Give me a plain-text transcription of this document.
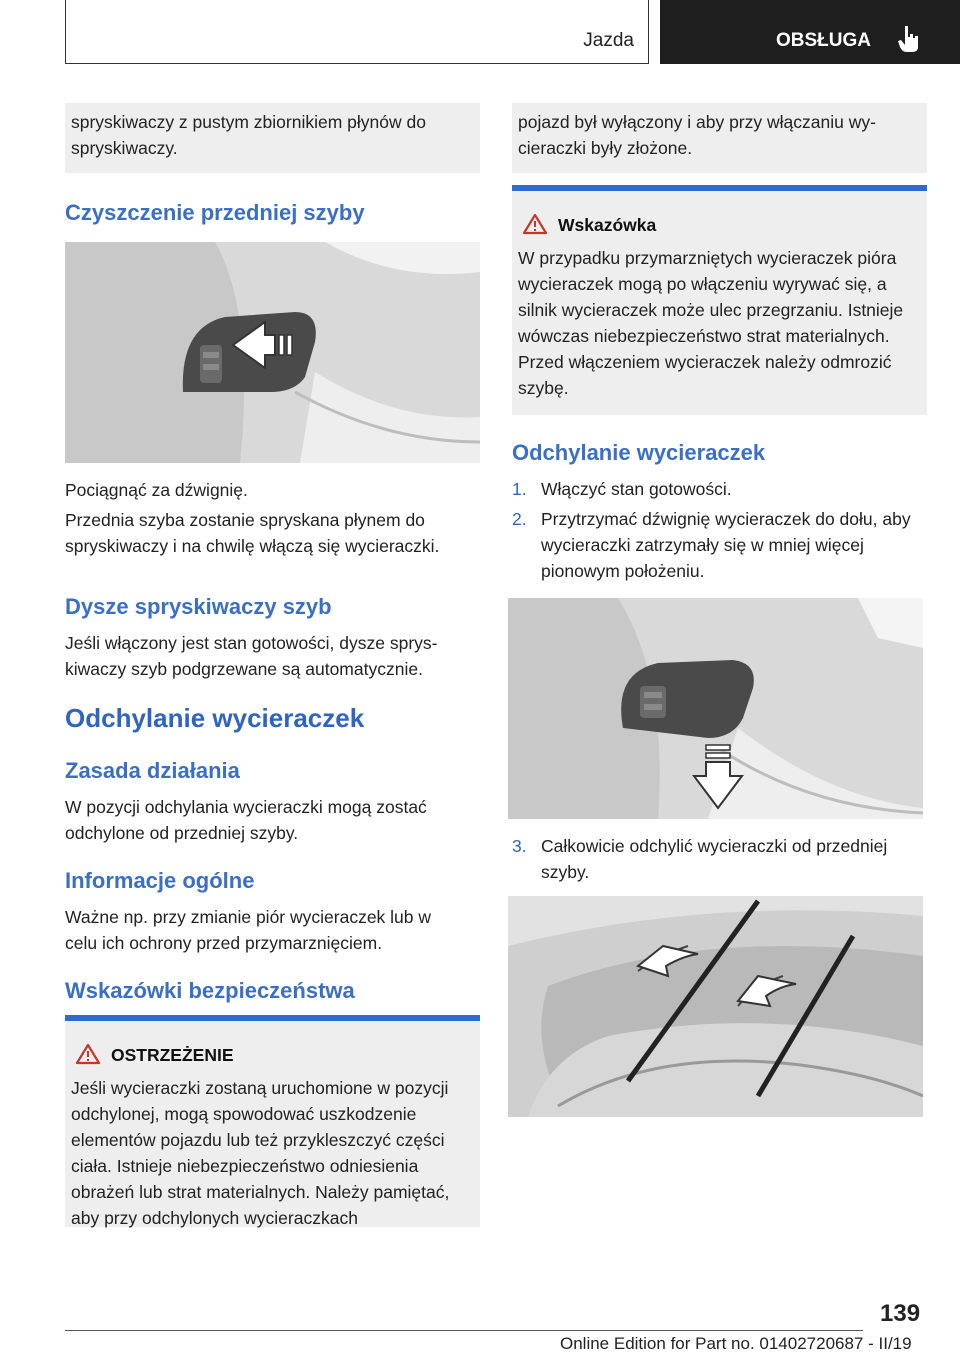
Jazda	OBSŁUGA

spryskiwaczy z pustym zbiornikiem płynów do spryskiwaczy.

Czyszczenie przedniej szyby

Pociągnąć za dźwignię.

Przednia szyba zostanie spryskana płynem do spryskiwaczy i na chwilę włączą się wycieraczki.

Dysze spryskiwaczy szyb

Jeśli włączony jest stan gotowości, dysze spryskiwaczy szyb podgrzewane są automatycznie.

Odchylanie wycieraczek
Zasada działania

W pozycji odchylania wycieraczki mogą zostać odchylone od przedniej szyby.

Informacje ogólne

Ważne np. przy zmianie piór wycieraczek lub w celu ich ochrony przed przymarznięciem.

Wskazówki bezpieczeństwa
OSTRZEŻENIE

Jeśli wycieraczki zostaną uruchomione w pozycji odchylonej, mogą spowodować uszkodzenie elementów pojazdu lub też przykleszczyć części ciała. Istnieje niebezpieczeństwo odniesienia obrażeń lub strat materialnych. Należy pamiętać, aby przy odchylonych wycieraczkach

pojazd był wyłączony i aby przy włączaniu wycieraczki były złożone.

Wskazówka

W przypadku przymarzniętych wycieraczek pióra wycieraczek mogą po włączeniu wyrywać się, a silnik wycieraczek może ulec przegrzaniu. Istnieje wówczas niebezpieczeństwo strat materialnych. Przed włączeniem wycieraczek należy odmrozić szybę.

Odchylanie wycieraczek
1. Włączyć stan gotowości.

2. Przytrzymać dźwignię wycieraczek do dołu, aby wycieraczki zatrzymały się w mniej więcej pionowym położeniu.

3. Całkowicie odchylić wycieraczki od przedniej szyby.

139
Online Edition for Part no. 01402720687 - II/19
